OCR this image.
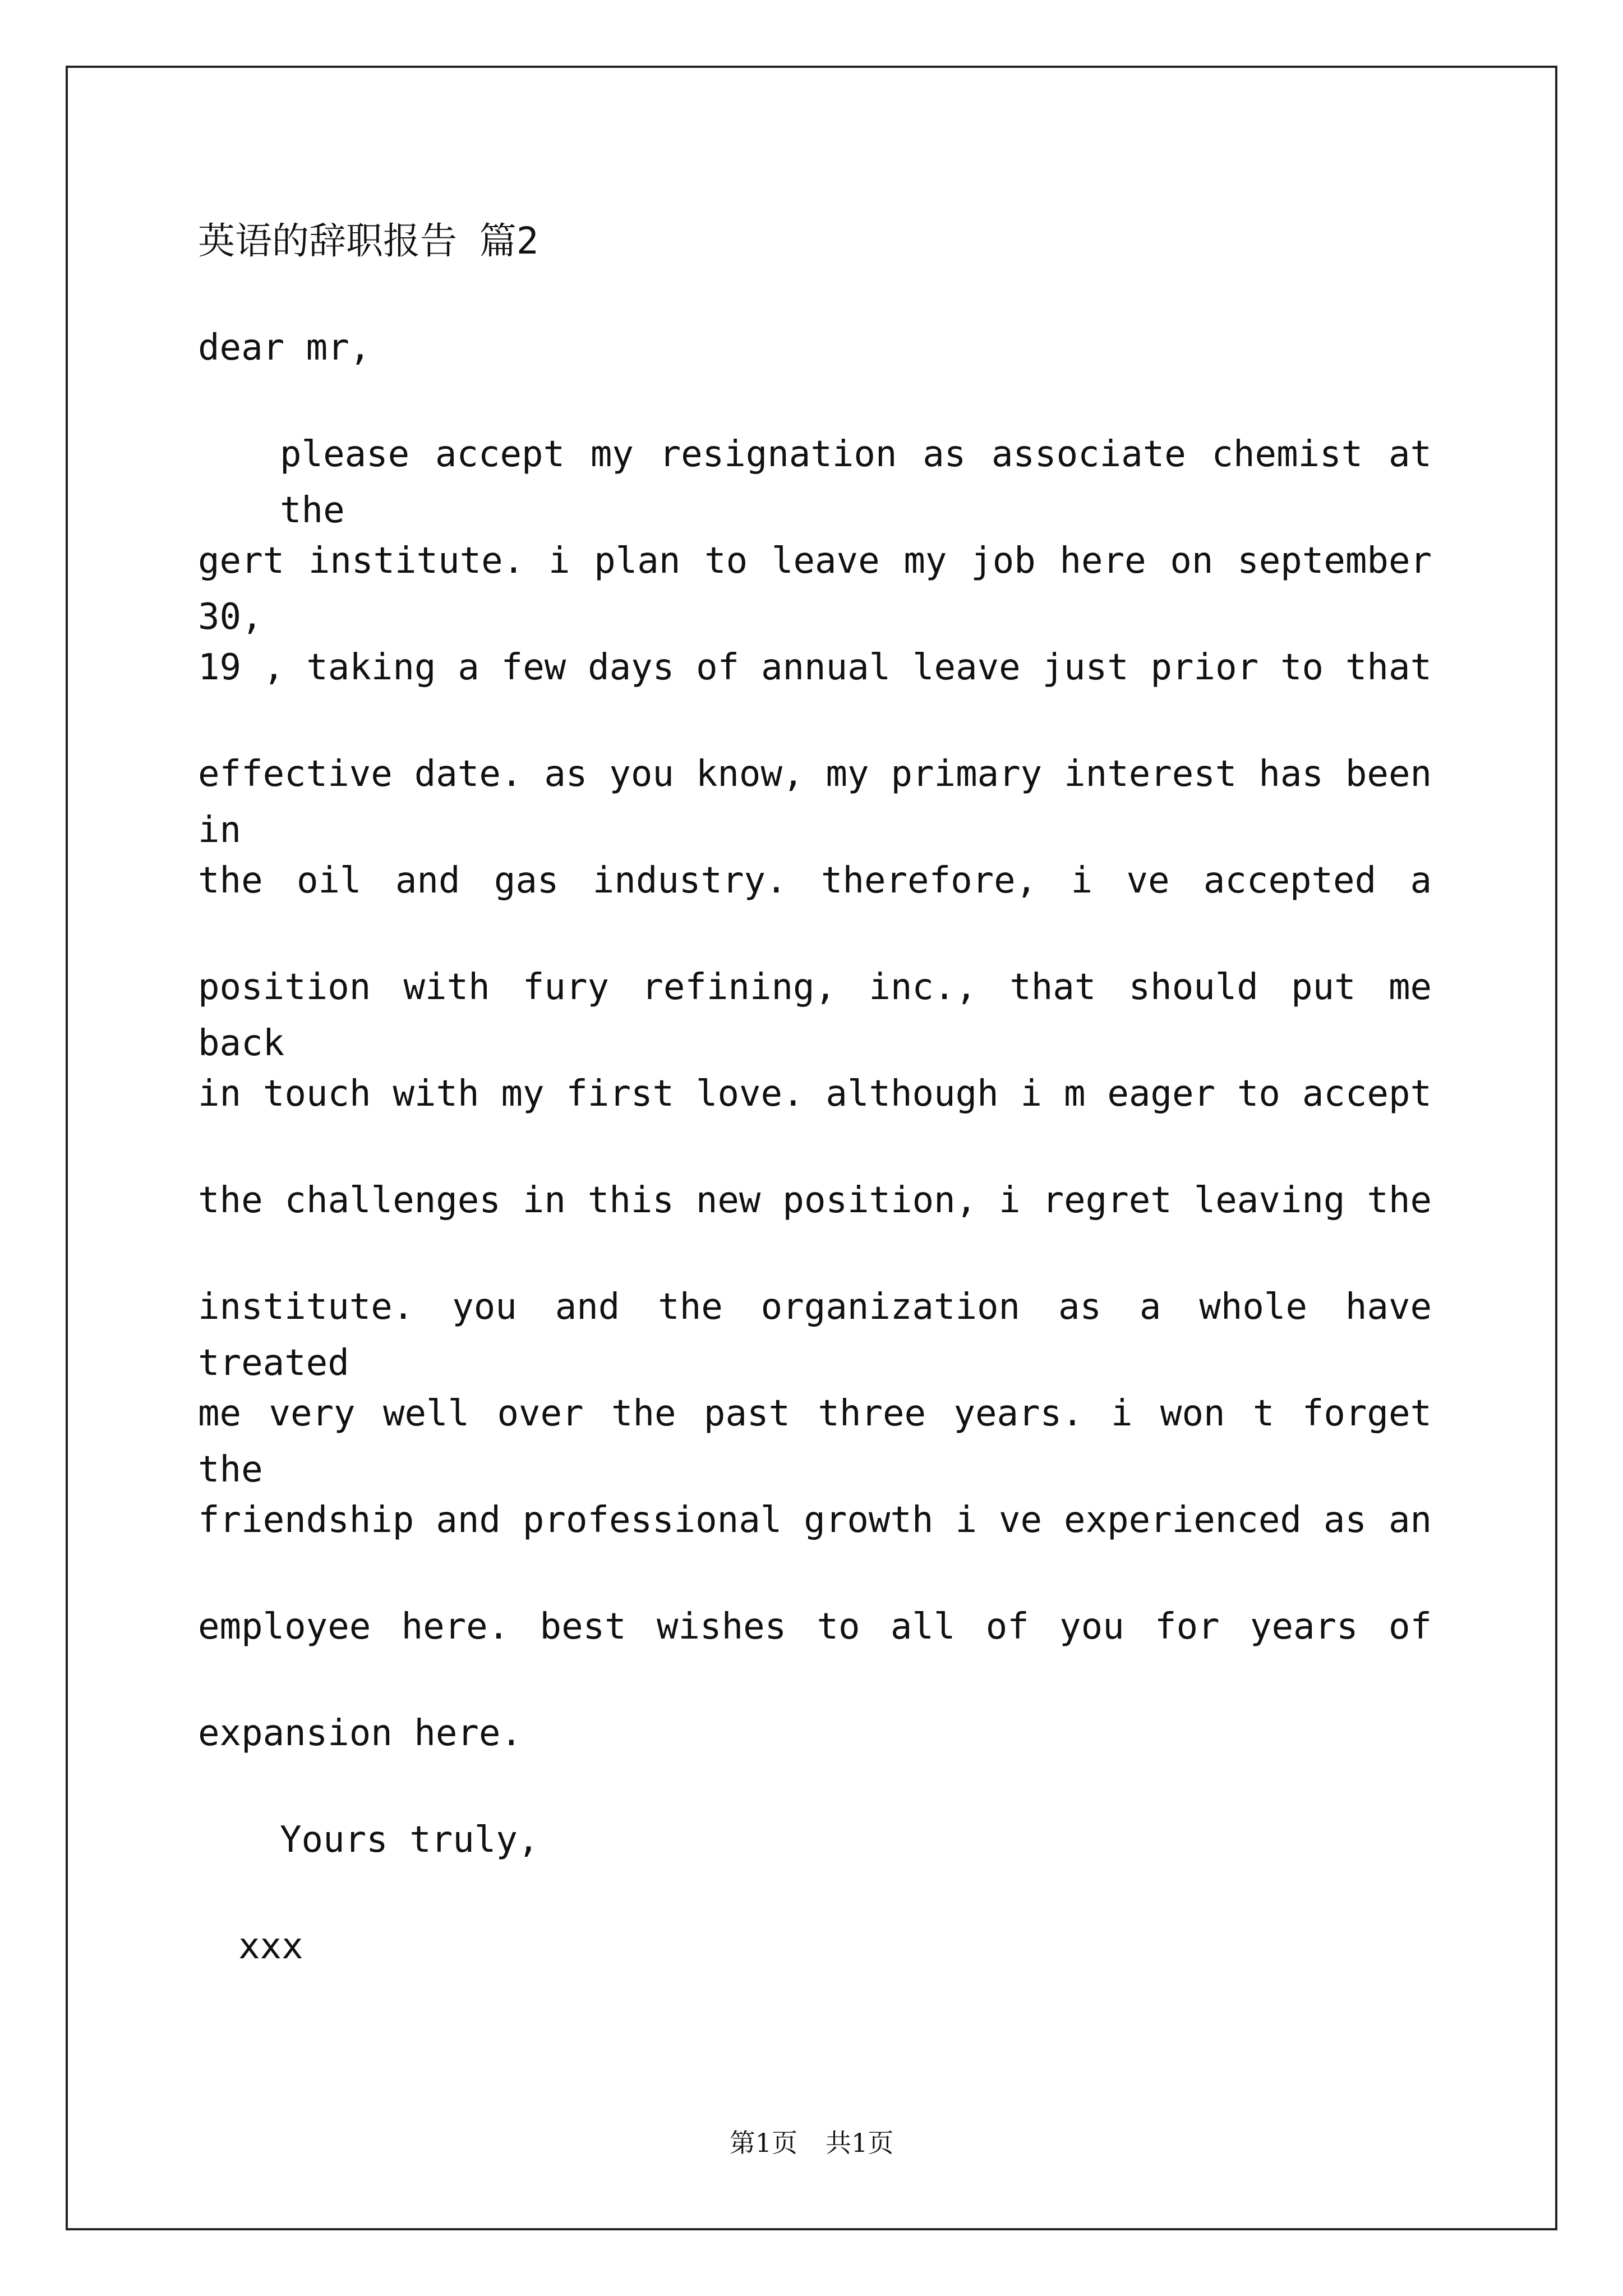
英语的辞职报告 篇2
dear mr,
please accept my resignation as associate chemist at the
gert institute. i plan to leave my job here on september 30,
19 , taking a few days of annual leave just prior to that
effective date. as you know, my primary interest has been in
the oil and gas industry. therefore, i ve accepted a
position with fury refining, inc., that should put me back
in touch with my first love. although i m eager to accept
the challenges in this new position, i regret leaving the
institute. you and the organization as a whole have treated
me very well over the past three years. i won t forget the
friendship and professional growth i ve experienced as an
employee here. best wishes to all of you for years of
expansion here.
Yours truly,
xxx
第1页 共1页
